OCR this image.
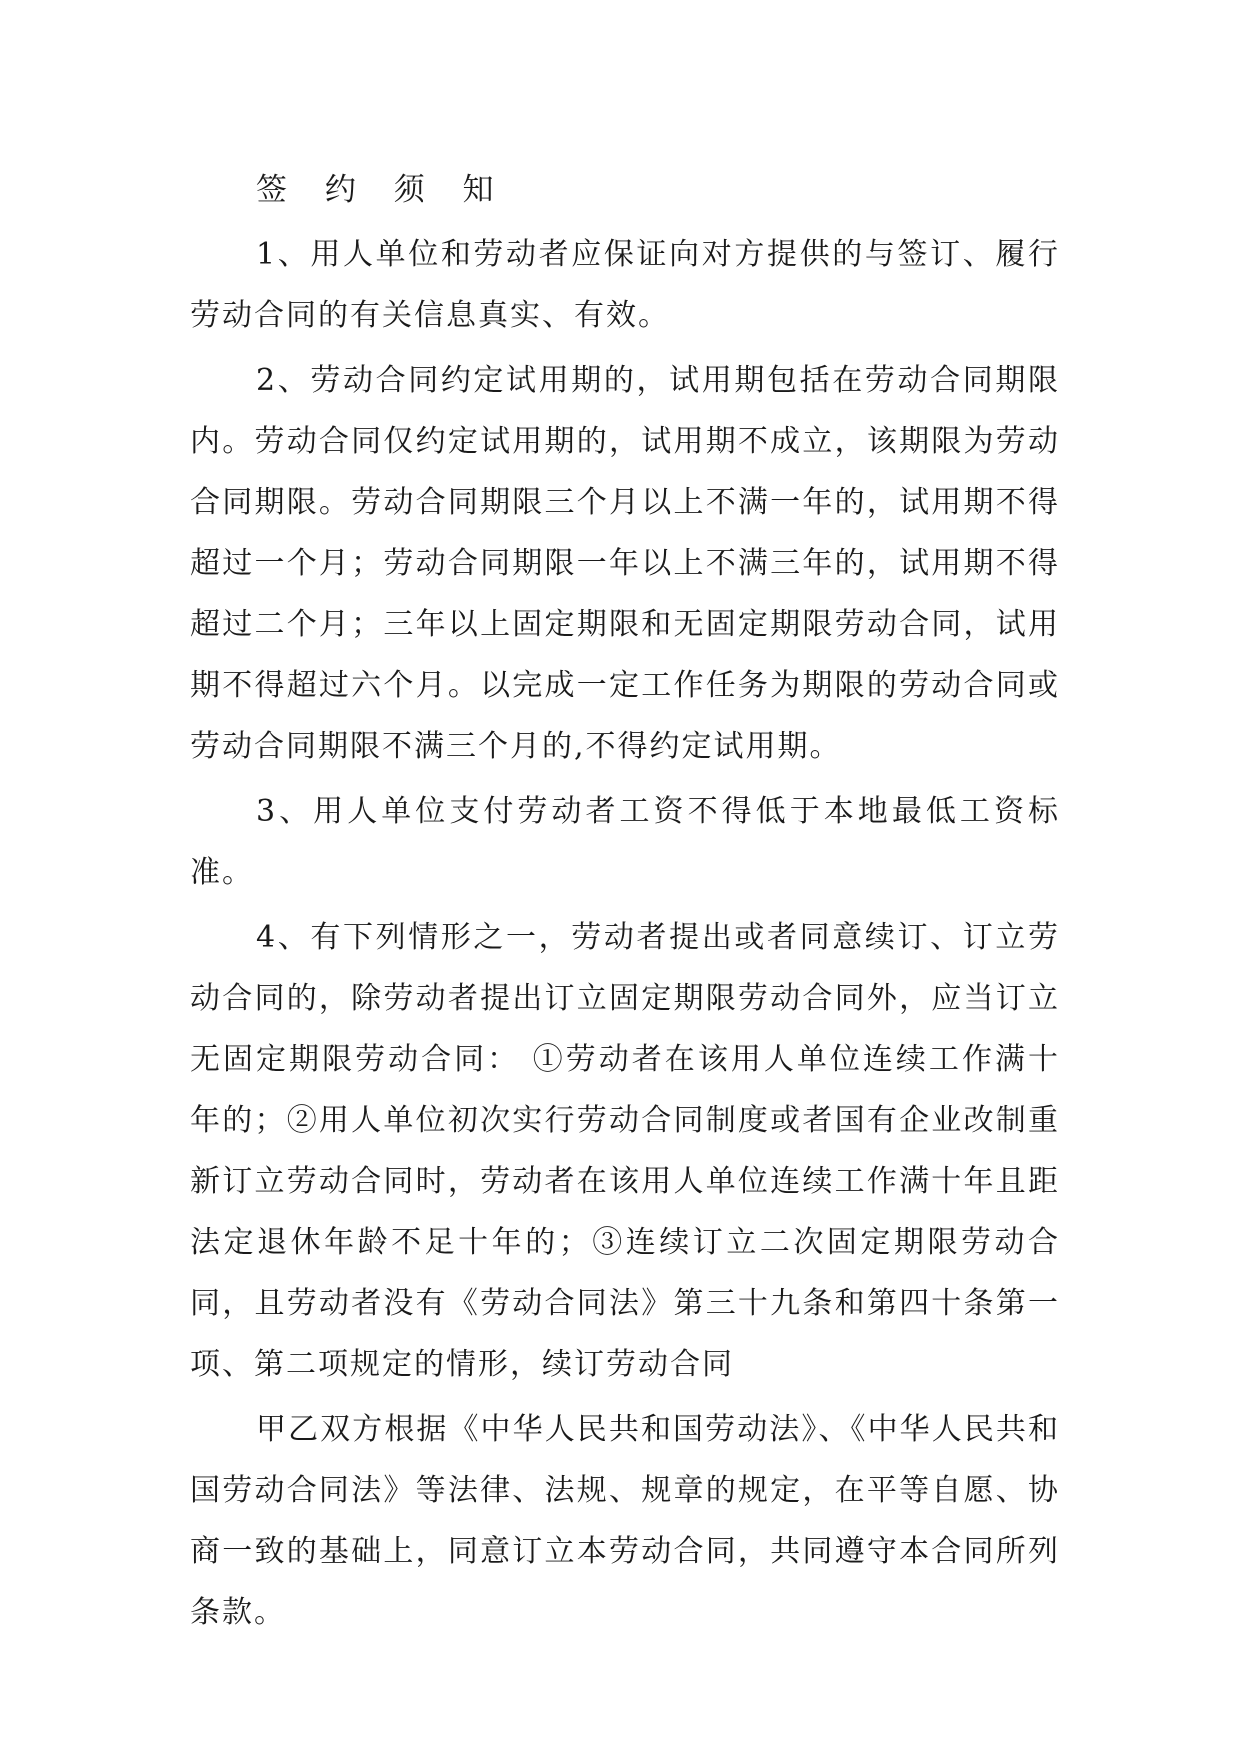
签 约 须 知

1、用人单位和劳动者应保证向对方提供的与签订、履行劳动合同的有关信息真实、有效。

2、劳动合同约定试用期的，试用期包括在劳动合同期限内。劳动合同仅约定试用期的，试用期不成立，该期限为劳动合同期限。劳动合同期限三个月以上不满一年的，试用期不得超过一个月；劳动合同期限一年以上不满三年的，试用期不得超过二个月；三年以上固定期限和无固定期限劳动合同，试用期不得超过六个月。以完成一定工作任务为期限的劳动合同或劳动合同期限不满三个月的,不得约定试用期。

3、用人单位支付劳动者工资不得低于本地最低工资标准。

4、有下列情形之一，劳动者提出或者同意续订、订立劳动合同的，除劳动者提出订立固定期限劳动合同外，应当订立无固定期限劳动合同： ①劳动者在该用人单位连续工作满十年的；②用人单位初次实行劳动合同制度或者国有企业改制重新订立劳动合同时，劳动者在该用人单位连续工作满十年且距法定退休年龄不足十年的；③连续订立二次固定期限劳动合同，且劳动者没有《劳动合同法》第三十九条和第四十条第一项、第二项规定的情形，续订劳动合同

甲乙双方根据《中华人民共和国劳动法》、《中华人民共和国劳动合同法》等法律、法规、规章的规定，在平等自愿、协商一致的基础上，同意订立本劳动合同，共同遵守本合同所列条款。
